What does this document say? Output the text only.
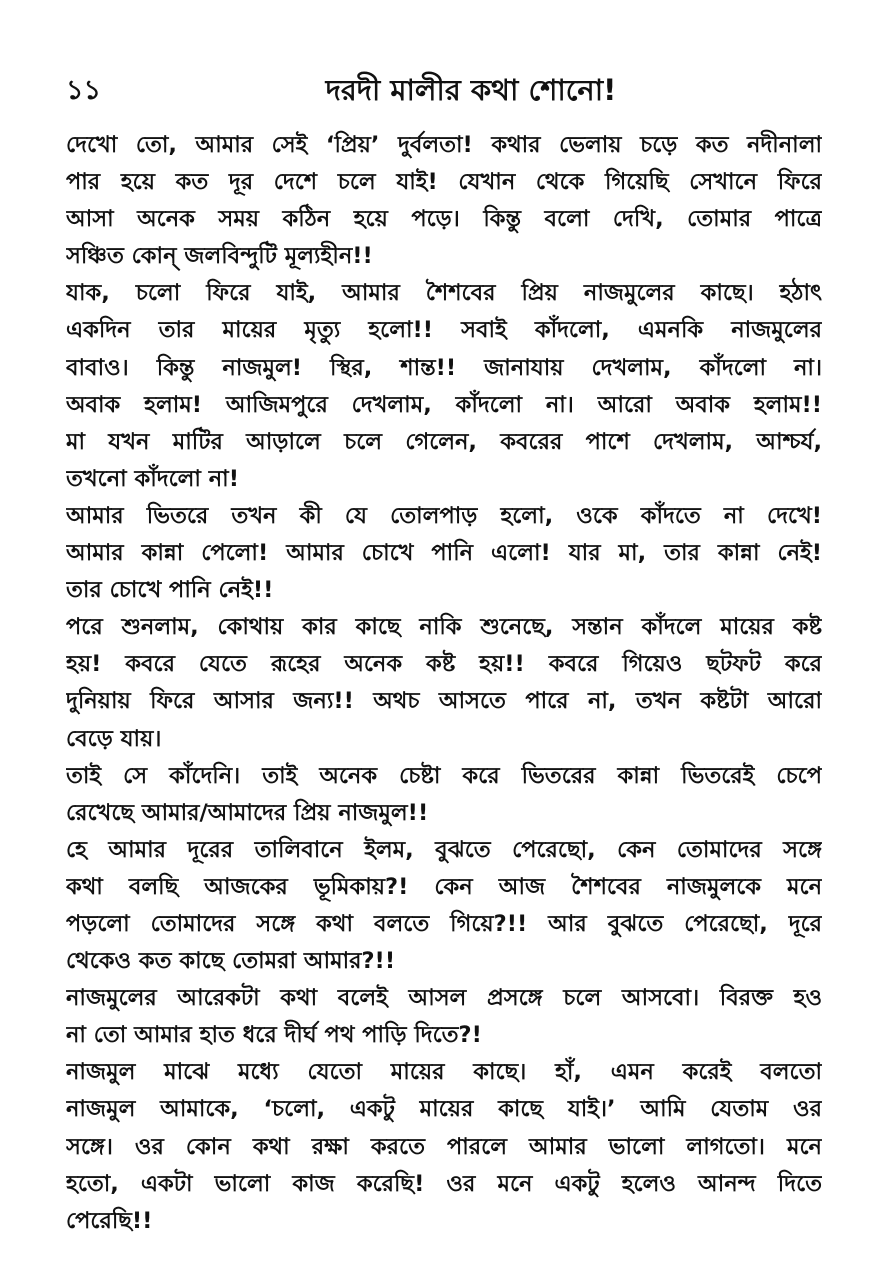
১১	দরদী মালীর কথা শোনো!
দেখো তো, আমার সেই ‘প্রিয়’ দুর্বলতা! কথার ভেলায় চড়ে কত নদীনালা
পার হয়ে কত দূর দেশে চলে যাই! যেখান থেকে গিয়েছি সেখানে ফিরে
আসা অনেক সময় কঠিন হয়ে পড়ে। কিন্তু বলো দেখি, তোমার পাত্রে
সঞ্চিত কোন্ জলবিন্দুটি মূল্যহীন!!
যাক, চলো ফিরে যাই, আমার শৈশবের প্রিয় নাজমুলের কাছে। হঠাৎ
একদিন তার মায়ের মৃত্যু হলো!! সবাই কাঁদলো, এমনকি নাজমুলের
বাবাও। কিন্তু নাজমুল! স্থির, শান্ত!! জানাযায় দেখলাম, কাঁদলো না।
অবাক হলাম! আজিমপুরে দেখলাম, কাঁদলো না। আরো অবাক হলাম!!
মা যখন মাটির আড়ালে চলে গেলেন, কবরের পাশে দেখলাম, আশ্চর্য,
তখনো কাঁদলো না!
আমার ভিতরে তখন কী যে তোলপাড় হলো, ওকে কাঁদতে না দেখে!
আমার কান্না পেলো! আমার চোখে পানি এলো! যার মা, তার কান্না নেই!
তার চোখে পানি নেই!!
পরে শুনলাম, কোথায় কার কাছে নাকি শুনেছে, সন্তান কাঁদলে মায়ের কষ্ট
হয়! কবরে যেতে রূহের অনেক কষ্ট হয়!! কবরে গিয়েও ছটফট করে
দুনিয়ায় ফিরে আসার জন্য!! অথচ আসতে পারে না, তখন কষ্টটা আরো
বেড়ে যায়।
তাই সে কাঁদেনি। তাই অনেক চেষ্টা করে ভিতরের কান্না ভিতরেই চেপে
রেখেছে আমার/আমাদের প্রিয় নাজমুল!!
হে আমার দূরের তালিবানে ইলম, বুঝতে পেরেছো, কেন তোমাদের সঙ্গে
কথা বলছি আজকের ভূমিকায়?! কেন আজ শৈশবের নাজমুলকে মনে
পড়লো তোমাদের সঙ্গে কথা বলতে গিয়ে?!! আর বুঝতে পেরেছো, দূরে
থেকেও কত কাছে তোমরা আমার?!!
নাজমুলের আরেকটা কথা বলেই আসল প্রসঙ্গে চলে আসবো। বিরক্ত হও
না তো আমার হাত ধরে দীর্ঘ পথ পাড়ি দিতে?!
নাজমুল মাঝে মধ্যে যেতো মায়ের কাছে। হাঁ, এমন করেই বলতো
নাজমুল আমাকে, ‘চলো, একটু মায়ের কাছে যাই।’ আমি যেতাম ওর
সঙ্গে। ওর কোন কথা রক্ষা করতে পারলে আমার ভালো লাগতো। মনে
হতো, একটা ভালো কাজ করেছি! ওর মনে একটু হলেও আনন্দ দিতে
পেরেছি!!
